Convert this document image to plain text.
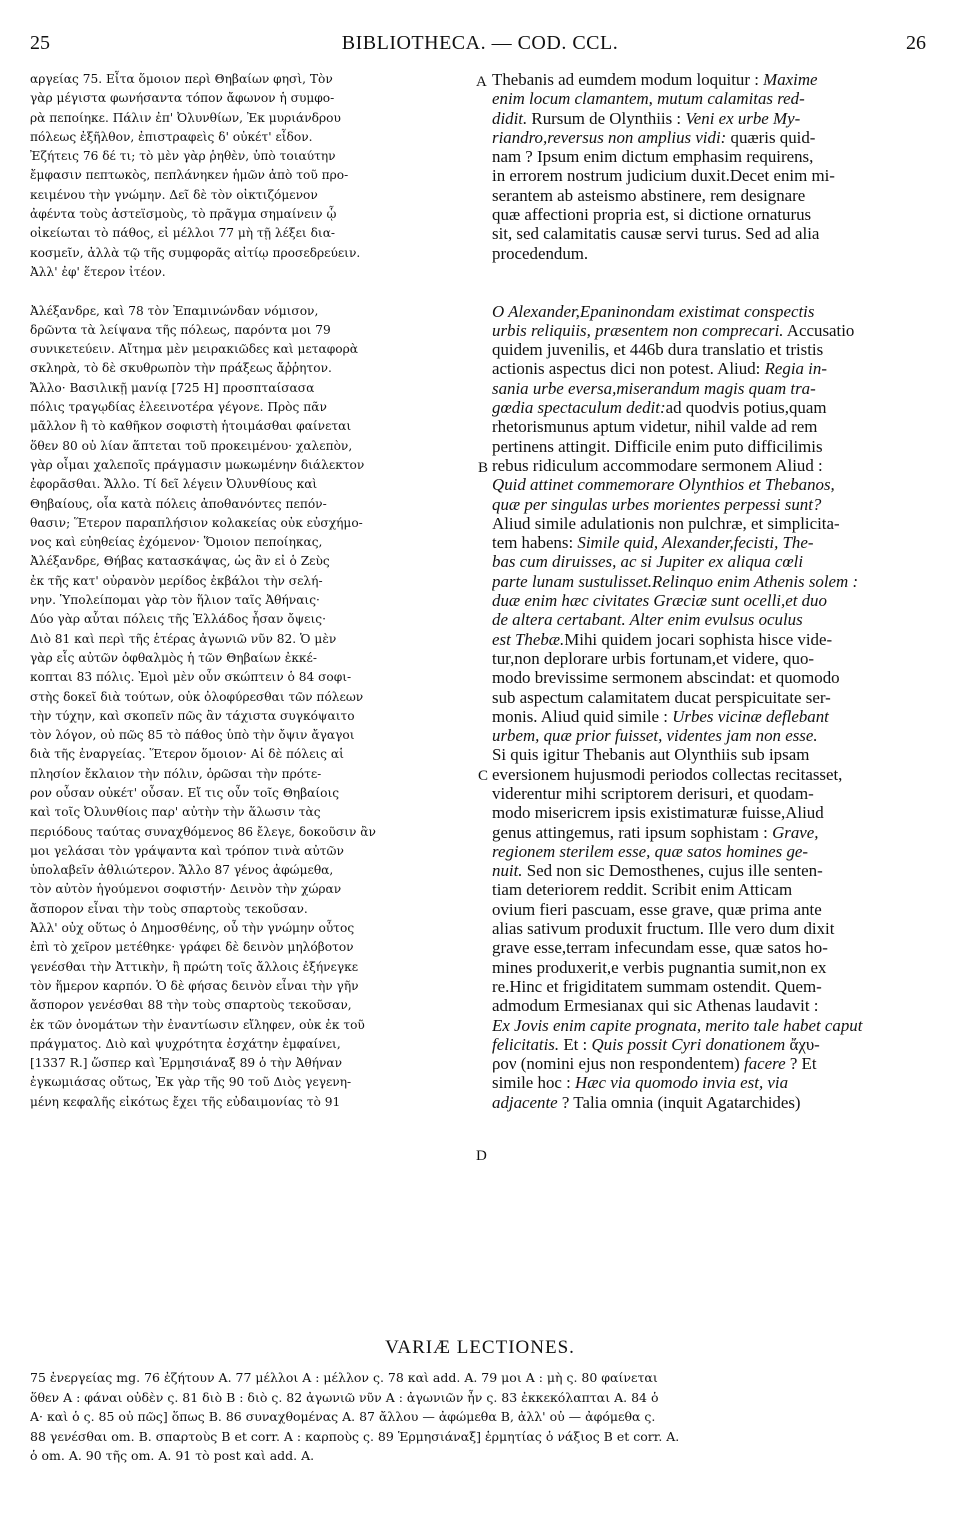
25	BIBLIOTHECA. — COD. CCL.	26
A
B
C
D
αργείας 75. Εἶτα ὅμοιον περὶ Θηβαίων φησὶ, Τὸν
γὰρ μέγιστα φωνήσαντα τόπον ἄφωνον ἡ συμφο-
ρὰ πεποίηκε. Πάλιν ἐπ' Ὀλυνθίων, Ἐκ μυριάνδρου
πόλεως ἐξῆλθον, ἐπιστραφεὶς δ' οὐκέτ' εἶδον.
Ἐζήτεις 76 δέ τι; τὸ μὲν γὰρ ῥηθὲν, ὑπὸ τοιαύτην
ἔμφασιν πεπτωκὸς, πεπλάνηκεν ἡμῶν ἀπὸ τοῦ προ-
κειμένου τὴν γνώμην. Δεῖ δὲ τὸν οἰκτιζόμενον
ἀφέντα τοὺς ἀστεϊσμοὺς, τὸ πρᾶγμα σημαίνειν ᾧ
οἰκείωται τὸ πάθος, εἰ μέλλοι 77 μὴ τῇ λέξει δια-
κοσμεῖν, ἀλλὰ τῷ τῆς συμφορᾶς αἰτίῳ προσεδρεύειν.
Ἀλλ' ἐφ' ἕτερον ἰτέον.
Ἀλέξανδρε, καὶ 78 τὸν Ἐπαμινώνδαν νόμισον,
δρῶντα τὰ λείψανα τῆς πόλεως, παρόντα μοι 79
συνικετεύειν. Αἴτημα μὲν μειρακιῶδες καὶ μεταφορὰ
σκληρὰ, τὸ δὲ σκυθρωπὸν τὴν πράξεως ἄῤῥητον.
Ἄλλο· Βασιλικῇ μανίᾳ [725 H] προσπταίσασα
πόλις τραγῳδίας ἐλεεινοτέρα γέγονε. Πρὸς πᾶν
μᾶλλον ἢ τὸ καθῆκον σοφιστὴ ἡτοιμάσθαι φαίνεται
ὅθεν 80 οὐ λίαν ἅπτεται τοῦ προκειμένου· χαλεπὸν,
γὰρ οἶμαι χαλεποῖς πράγμασιν μωκωμένην διάλεκτον
ἐφορᾶσθαι. Ἄλλο. Τί δεῖ λέγειν Ὀλυνθίους καὶ
Θηβαίους, οἷα κατὰ πόλεις ἀποθανόντες πεπόν-
θασιν; Ἕτερον παραπλήσιον κολακείας οὐκ εὐσχήμο-
νος καὶ εὐηθείας ἐχόμενον· Ὅμοιον πεποίηκας,
Ἀλέξανδρε, Θήβας κατασκάψας, ὡς ἂν εἰ ὁ Ζεὺς
ἐκ τῆς κατ' οὐρανὸν μερίδος ἐκβάλοι τὴν σελή-
νην. Ὑπολείπομαι γὰρ τὸν ἥλιον ταῖς Ἀθήναις·
Δύο γὰρ αὗται πόλεις τῆς Ἑλλάδος ἦσαν ὄψεις·
Διὸ 81 καὶ περὶ τῆς ἑτέρας ἀγωνιῶ νῦν 82. Ὁ μὲν
γὰρ εἷς αὐτῶν ὀφθαλμὸς ἡ τῶν Θηβαίων ἐκκέ-
κοπται 83 πόλις. Ἐμοὶ μὲν οὖν σκώπτειν ὁ 84 σοφι-
στὴς δοκεῖ διὰ τούτων, οὐκ ὀλοφύρεσθαι τῶν πόλεων
τὴν τύχην, καὶ σκοπεῖν πῶς ἂν τάχιστα συγκόψαιτο
τὸν λόγον, οὐ πῶς 85 τὸ πάθος ὑπὸ τὴν ὄψιν ἄγαγοι
διὰ τῆς ἐναργείας. Ἕτερον ὅμοιον· Αἱ δὲ πόλεις αἱ
πλησίον ἔκλαιον τὴν πόλιν, ὁρῶσαι τὴν πρότε-
ρον οὖσαν οὐκέτ' οὖσαν. Εἴ τις οὖν τοῖς Θηβαίοις
καὶ τοῖς Ὀλυνθίοις παρ' αὐτὴν τὴν ἅλωσιν τὰς
περιόδους ταύτας συναχθόμενος 86 ἔλεγε, δοκοῦσιν ἂν
μοι γελάσαι τὸν γράψαντα καὶ τρόπον τινὰ αὐτῶν
ὑπολαβεῖν ἀθλιώτερον. Ἄλλο 87 γένος ἀφώμεθα,
τὸν αὐτὸν ἡγούμενοι σοφιστήν· Δεινὸν τὴν χώραν
ἄσπορον εἶναι τὴν τοὺς σπαρτοὺς τεκοῦσαν.
Ἀλλ' οὐχ οὕτως ὁ Δημοσθένης, οὗ τὴν γνώμην οὗτος
ἐπὶ τὸ χεῖρον μετέθηκε· γράφει δὲ δεινὸν μηλόβοτον
γενέσθαι τὴν Ἀττικὴν, ἢ πρώτη τοῖς ἄλλοις ἐξήνεγκε
τὸν ἥμερον καρπόν. Ὁ δὲ φήσας δεινὸν εἶναι τὴν γῆν
ἄσπορον γενέσθαι 88 τὴν τοὺς σπαρτοὺς τεκοῦσαν,
ἐκ τῶν ὀνομάτων τὴν ἐναντίωσιν εἴληφεν, οὐκ ἐκ τοῦ
πράγματος. Διὸ καὶ ψυχρότητα ἐσχάτην ἐμφαίνει,
[1337 R.] ὥσπερ καὶ Ἑρμησιάναξ 89 ὁ τὴν Ἀθήναν
ἐγκωμιάσας οὕτως, Ἐκ γὰρ τῆς 90 τοῦ Διὸς γεγενη-
μένη κεφαλῆς εἰκότως ἔχει τῆς εὐδαιμονίας τὸ 91
Thebanis ad eumdem modum loquitur : Maxime
enim locum clamantem, mutum calamitas red-
didit. Rursum de Olynthiis : Veni ex urbe My-
riandro,reversus non amplius vidi: quæris quid-
nam ? Ipsum enim dictum emphasim requirens,
in errorem nostrum judicium duxit.Decet enim mi-
serantem ab asteismo abstinere, rem designare
quæ affectioni propria est, si dictione ornaturus
sit, sed calamitatis causæ servi turus. Sed ad alia
procedendum.
O Alexander,Epaninondam existimat conspectis
urbis reliquiis, præsentem non comprecari. Accusatio
quidem juvenilis, et 446b dura translatio et tristis
actionis aspectus dici non potest. Aliud: Regia in-
sania urbe eversa,miserandum magis quam tra-
gœdia spectaculum dedit:ad quodvis potius,quam
rhetorismunus aptum videtur, nihil valde ad rem
pertinens attingit. Difficile enim puto difficilimis
rebus ridiculum accommodare sermonem Aliud :
Quid attinet commemorare Olynthios et Thebanos,
quæ per singulas urbes morientes perpessi sunt?
Aliud simile adulationis non pulchræ, et simplicita-
tem habens: Simile quid, Alexander,fecisti, The-
bas cum diruisses, ac si Jupiter ex aliqua cœli
parte lunam sustulisset.Relinquo enim Athenis solem :
duæ enim hæc civitates Græciæ sunt ocelli,et duo
de altera certabant. Alter enim evulsus oculus
est Thebæ.Mihi quidem jocari sophista hisce vide-
tur,non deplorare urbis fortunam,et videre, quo-
modo brevissime sermonem abscindat: et quomodo
sub aspectum calamitatem ducat perspicuitate ser-
monis. Aliud quid simile : Urbes vicinæ deflebant
urbem, quæ prior fuisset, videntes jam non esse.
Si quis igitur Thebanis aut Olynthiis sub ipsam
eversionem hujusmodi periodos collectas recitasset,
viderentur mihi scriptorem derisuri, et quodam-
modo misericrem ipsis existimaturæ fuisse,Aliud
genus attingemus, rati ipsum sophistam : Grave,
regionem sterilem esse, quæ satos homines ge-
nuit. Sed non sic Demosthenes, cujus ille senten-
tiam deteriorem reddit. Scribit enim Atticam
ovium fieri pascuam, esse grave, quæ prima ante
alias sativum produxit fructum. Ille vero dum dixit
grave esse,terram infecundam esse, quæ satos ho-
mines produxerit,e verbis pugnantia sumit,non ex
re.Hinc et frigiditatem summam ostendit. Quem-
admodum Ermesianax qui sic Athenas laudavit :
Ex Jovis enim capite prognata, merito tale habet caput
felicitatis. Et : Quis possit Cyri donationem ἄχυ-
ρον (nomini ejus non respondentem) facere ? Et
simile hoc : Hæc via quomodo invia est, via
adjacente ? Talia omnia (inquit Agatarchides)
VARIÆ LECTIONES.
75 ἐνεργείας mg. 76 ἐζήτουν A. 77 μέλλοι A : μέλλον ς. 78 καὶ add. A. 79 μοι A : μὴ ς. 80 φαίνεται
ὅθεν A : φάναι οὐδὲν ς. 81 διὸ B : διὸ ς. 82 ἀγωνιῶ νῦν A : ἀγωνιῶν ἦν ς. 83 ἐκκεκόλαπται A. 84 ὁ
A· καὶ ὁ ς. 85 οὐ πῶς] ὅπως B. 86 συναχθομένας A. 87 ἄλλου — ἀφώμεθα B, ἀλλ' οὐ — ἀφόμεθα ς.
88 γενέσθαι om. B. σπαρτοὺς B et corr. A : καρποὺς ς. 89 Ἑρμησιάναξ] ἑρμητίας ὁ νάξιος B et corr. A.
ὁ om. A. 90 τῆς om. A. 91 τὸ post καὶ add. A.
